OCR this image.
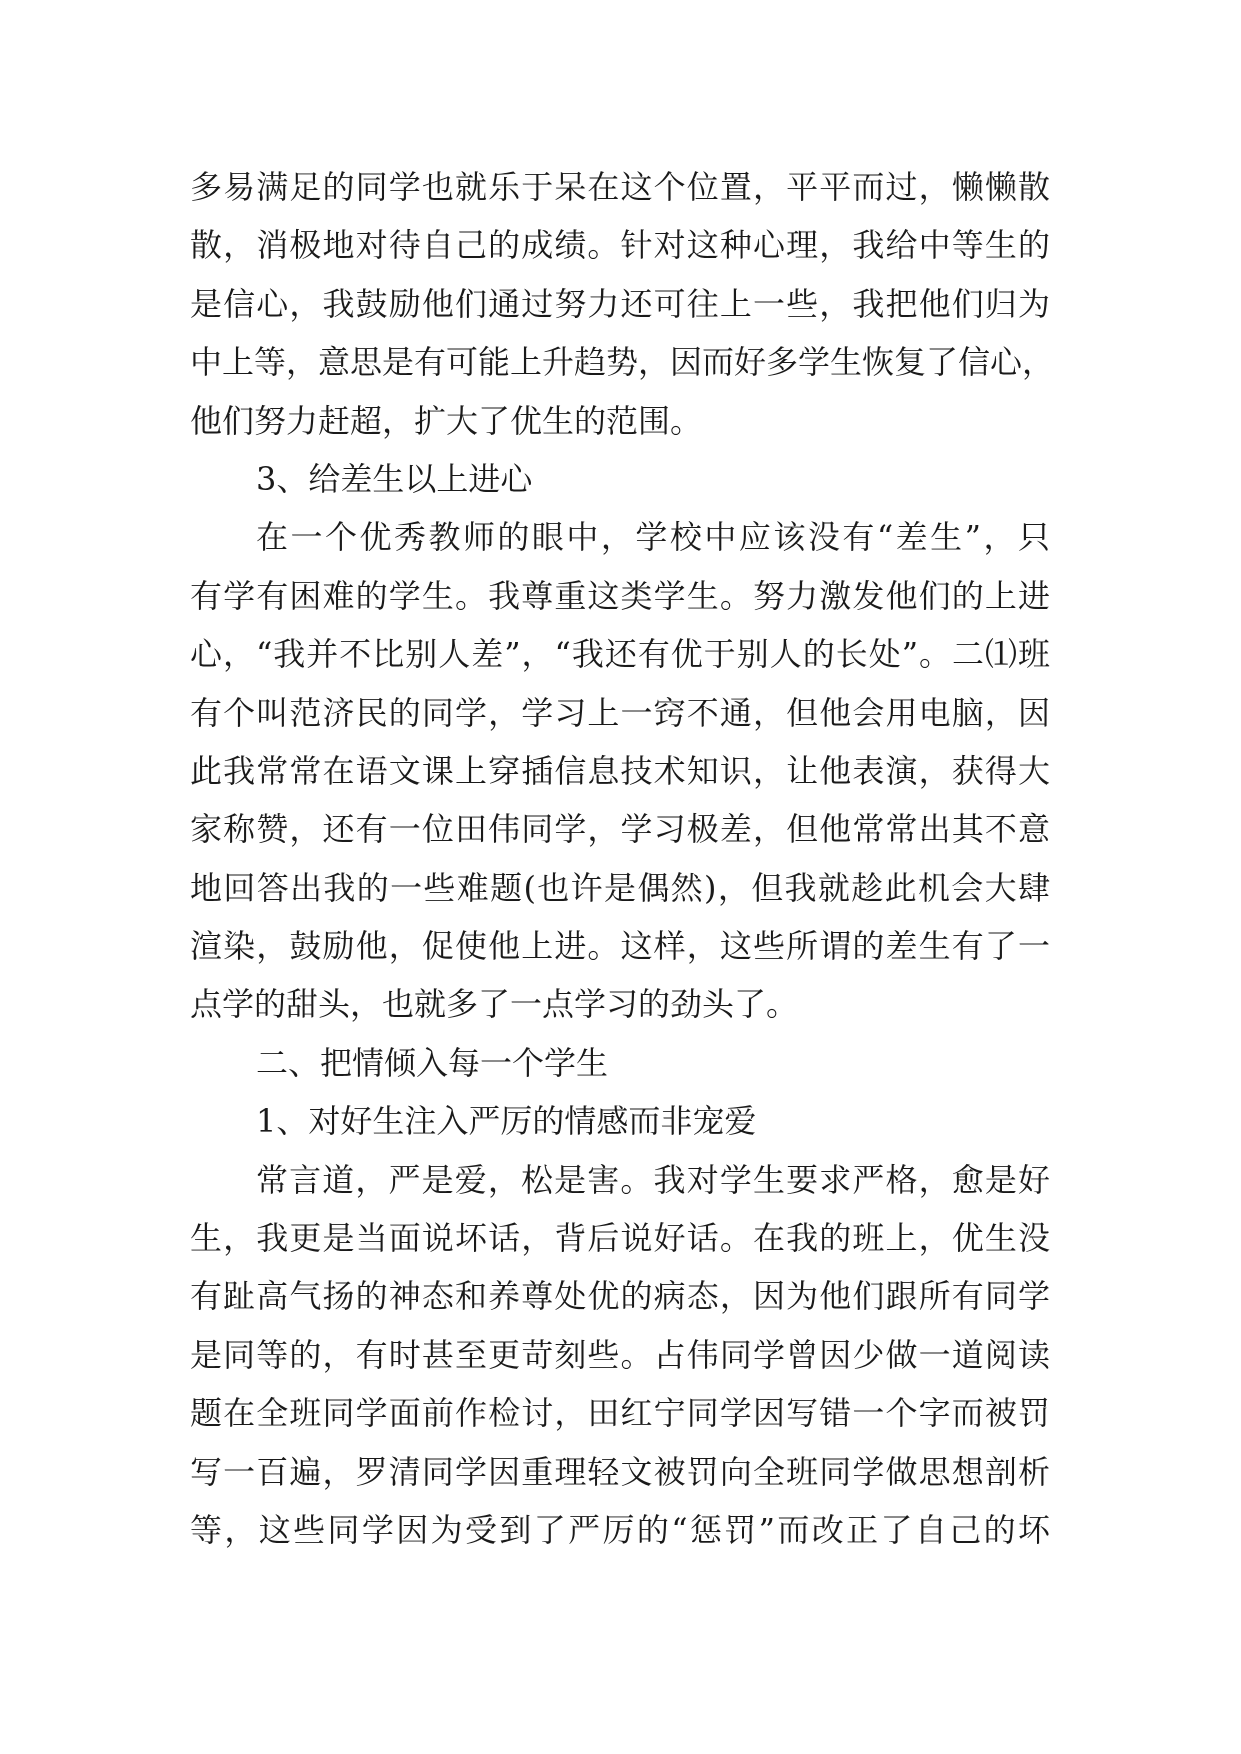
多易满足的同学也就乐于呆在这个位置，平平而过，懒懒散
散，消极地对待自己的成绩。针对这种心理，我给中等生的
是信心，我鼓励他们通过努力还可往上一些，我把他们归为
中上等，意思是有可能上升趋势，因而好多学生恢复了信心，
他们努力赶超，扩大了优生的范围。
3、给差生以上进心
在一个优秀教师的眼中，学校中应该没有“差生”，只
有学有困难的学生。我尊重这类学生。努力激发他们的上进
心，“我并不比别人差”，“我还有优于别人的长处”。二⑴班
有个叫范济民的同学，学习上一窍不通，但他会用电脑，因
此我常常在语文课上穿插信息技术知识，让他表演，获得大
家称赞，还有一位田伟同学，学习极差，但他常常出其不意
地回答出我的一些难题(也许是偶然)，但我就趁此机会大肆
渲染，鼓励他，促使他上进。这样，这些所谓的差生有了一
点学的甜头，也就多了一点学习的劲头了。
二、把情倾入每一个学生
1、对好生注入严厉的情感而非宠爱
常言道，严是爱，松是害。我对学生要求严格，愈是好
生，我更是当面说坏话，背后说好话。在我的班上，优生没
有趾高气扬的神态和养尊处优的病态，因为他们跟所有同学
是同等的，有时甚至更苛刻些。占伟同学曾因少做一道阅读
题在全班同学面前作检讨，田红宁同学因写错一个字而被罚
写一百遍，罗清同学因重理轻文被罚向全班同学做思想剖析
等，这些同学因为受到了严厉的“惩罚”而改正了自己的坏
